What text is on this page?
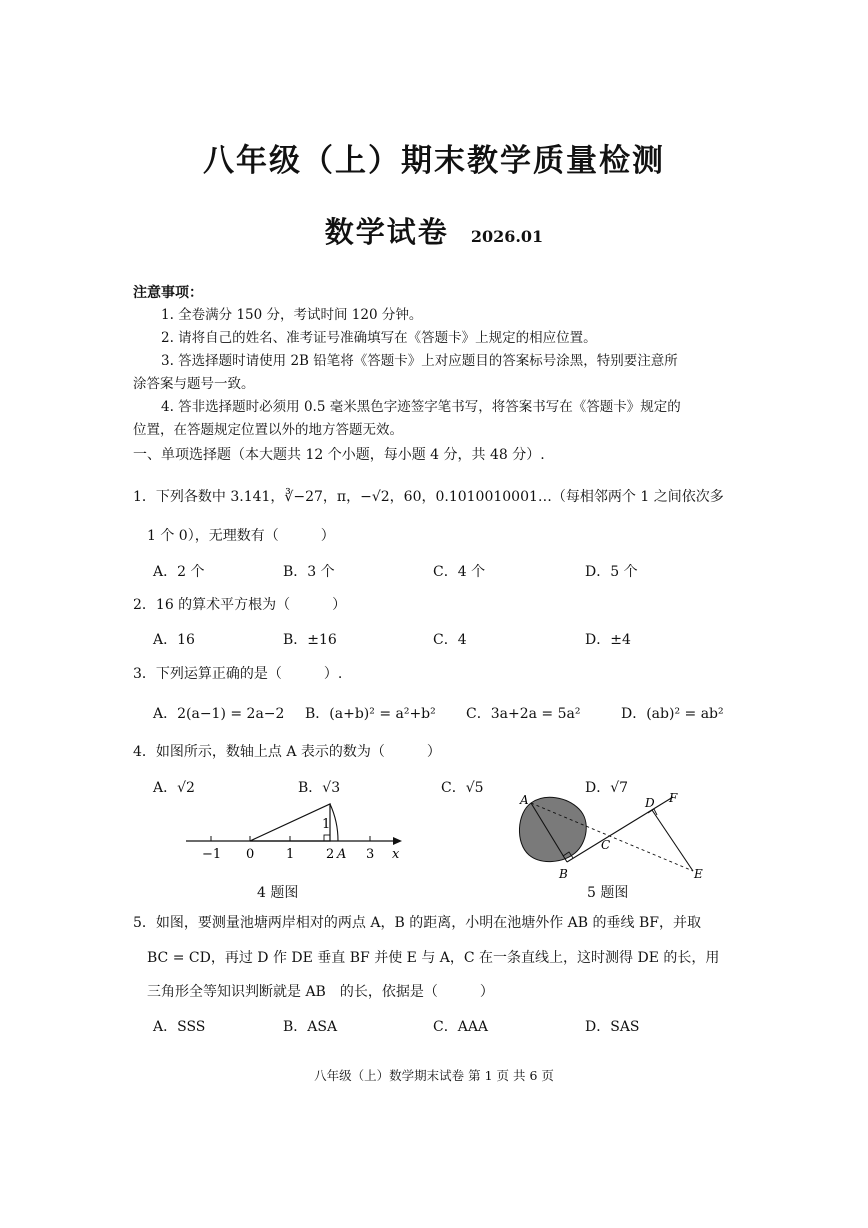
八年级（上）期末教学质量检测
数学试卷 2026.01
注意事项：
1. 全卷满分 150 分，考试时间 120 分钟。
2. 请将自己的姓名、准考证号准确填写在《答题卡》上规定的相应位置。
3. 答选择题时请使用 2B 铅笔将《答题卡》上对应题目的答案标号涂黑，特别要注意所
涂答案与题号一致。
4. 答非选择题时必须用 0.5 毫米黑色字迹签字笔书写，将答案书写在《答题卡》规定的
位置，在答题规定位置以外的地方答题无效。
一、单项选择题（本大题共 12 个小题，每小题 4 分，共 48 分）.
1．下列各数中 3.141，∛−27，π，−√2，60，0.1010010001…（每相邻两个 1 之间依次多
1 个 0），无理数有（　　　）
A．2 个	B．3 个	C．4 个	D．5 个
2．16 的算术平方根为（　　　）
A．16	B．±16	C．4	D．±4
3．下列运算正确的是（　　　）.
A．2(a−1) = 2a−2 B．(a+b)² = a²+b² C．3a+2a = 5a²	D．(ab)² = ab²
4．如图所示，数轴上点 A 表示的数为（　　　）
A．√2	B．√3	C．√5	D．√7
1
−1 0 1 2 A 3 x
4 题图
A
B
C
D
E
F
5 题图
5．如图，要测量池塘两岸相对的两点 A，B 的距离，小明在池塘外作 AB 的垂线 BF，并取
BC = CD，再过 D 作 DE 垂直 BF 并使 E 与 A，C 在一条直线上，这时测得 DE 的长，用
三角形全等知识判断就是 AB　的长，依据是（　　　）
A．SSS	B．ASA	C．AAA	D．SAS
八年级（上）数学期末试卷 第 1 页 共 6 页
